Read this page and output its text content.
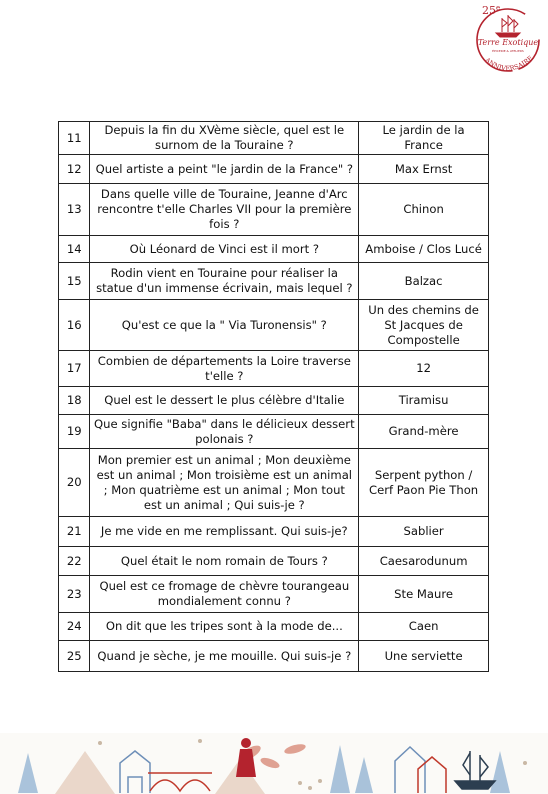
25e
Terre Exotique
ÉPICERIE & ATELIERS
ANNIVERSAIRE
11	Depuis la fin du XVème siècle, quel est le surnom de la Touraine ?	Le jardin de la France
12	Quel artiste a peint "le jardin de la France" ?	Max Ernst
13	Dans quelle ville de Touraine, Jeanne d'Arc rencontre t'elle Charles VII pour la première fois ?	Chinon
14	Où Léonard de Vinci est il mort ?	Amboise / Clos Lucé
15	Rodin vient en Touraine pour réaliser la statue d'un immense écrivain, mais lequel ?	Balzac
16	Qu'est ce que la " Via Turonensis" ?	Un des chemins de St Jacques de Compostelle
17	Combien de départements la Loire traverse t'elle ?	12
18	Quel est le dessert le plus célèbre d'Italie	Tiramisu
19	Que signifie "Baba" dans le délicieux dessert polonais ?	Grand-mère
20	Mon premier est un animal ; Mon deuxième est un animal ; Mon troisième est un animal ; Mon quatrième est un animal ; Mon tout est un animal ; Qui suis-je ?	Serpent python / Cerf Paon Pie Thon
21	Je me vide en me remplissant. Qui suis-je?	Sablier
22	Quel était le nom romain de Tours ?	Caesarodunum
23	Quel est ce fromage de chèvre tourangeau mondialement connu ?	Ste Maure
24	On dit que les tripes sont à la mode de...	Caen
25	Quand je sèche, je me mouille. Qui suis-je ?	Une serviette
